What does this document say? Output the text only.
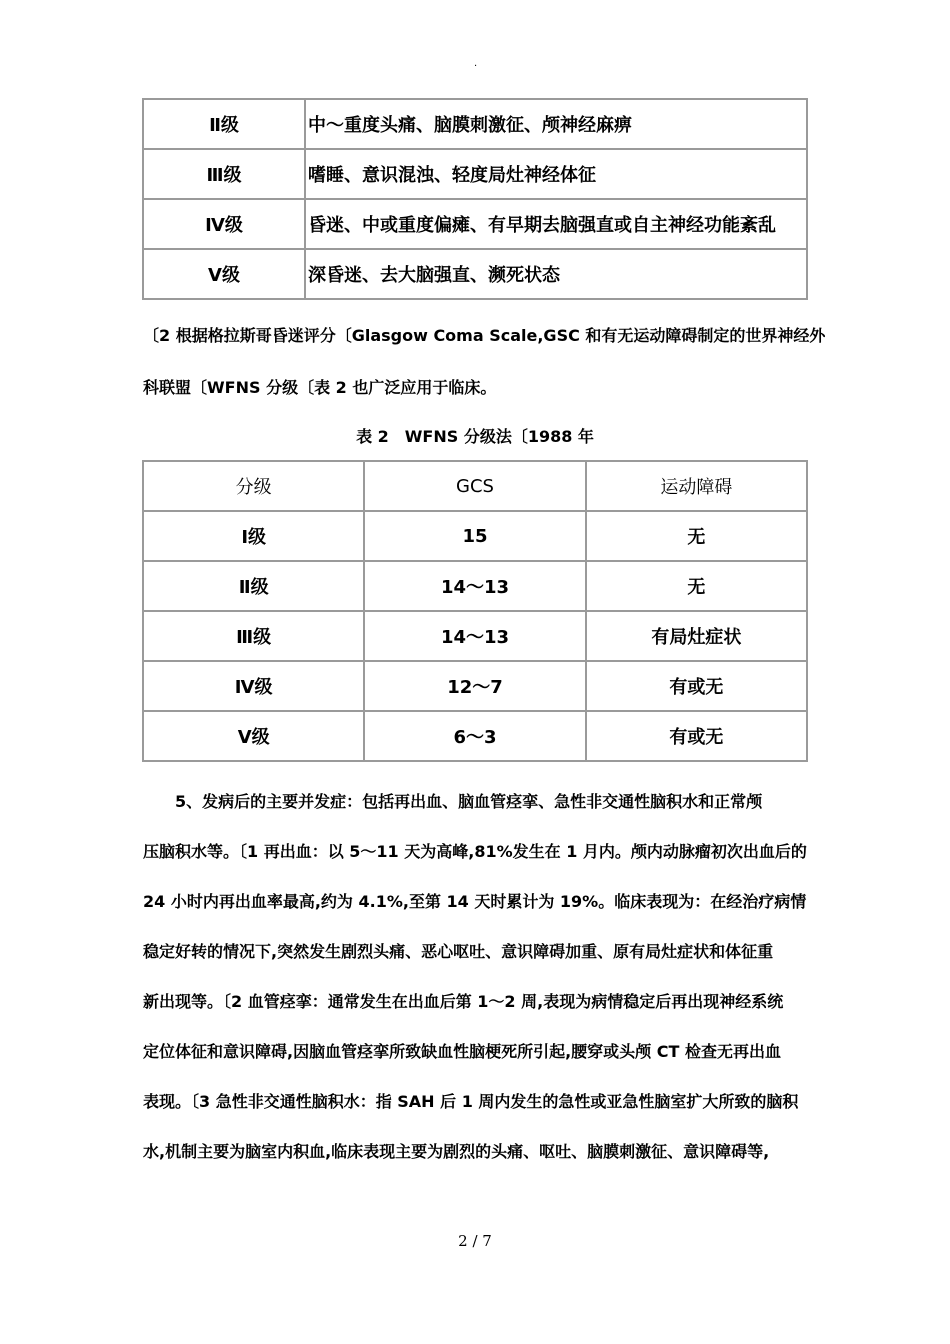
.
Ⅱ级	中～重度头痛、脑膜刺激征、颅神经麻痹
Ⅲ级	嗜睡、意识混浊、轻度局灶神经体征
Ⅳ级	昏迷、中或重度偏瘫、有早期去脑强直或自主神经功能紊乱
Ⅴ级	深昏迷、去大脑强直、濒死状态
〔2 根据格拉斯哥昏迷评分〔Glasgow Coma Scale,GSC 和有无运动障碍制定的世界神经外
科联盟〔WFNS 分级〔表 2 也广泛应用于临床。
表 2　WFNS 分级法〔1988 年
分级	GCS	运动障碍
Ⅰ级	15	无
Ⅱ级	14～13	无
Ⅲ级	14～13	有局灶症状
Ⅳ级	12～7	有或无
Ⅴ级	6～3	有或无
　　5、发病后的主要并发症：包括再出血、脑血管痉挛、急性非交通性脑积水和正常颅
压脑积水等。〔1 再出血：以 5～11 天为高峰,81%发生在 1 月内。颅内动脉瘤初次出血后的
24 小时内再出血率最高,约为 4.1%,至第 14 天时累计为 19%。临床表现为：在经治疗病情
稳定好转的情况下,突然发生剧烈头痛、恶心呕吐、意识障碍加重、原有局灶症状和体征重
新出现等。〔2 血管痉挛：通常发生在出血后第 1～2 周,表现为病情稳定后再出现神经系统
定位体征和意识障碍,因脑血管痉挛所致缺血性脑梗死所引起,腰穿或头颅 CT 检查无再出血
表现。〔3 急性非交通性脑积水：指 SAH 后 1 周内发生的急性或亚急性脑室扩大所致的脑积
水,机制主要为脑室内积血,临床表现主要为剧烈的头痛、呕吐、脑膜刺激征、意识障碍等,
2 / 7
